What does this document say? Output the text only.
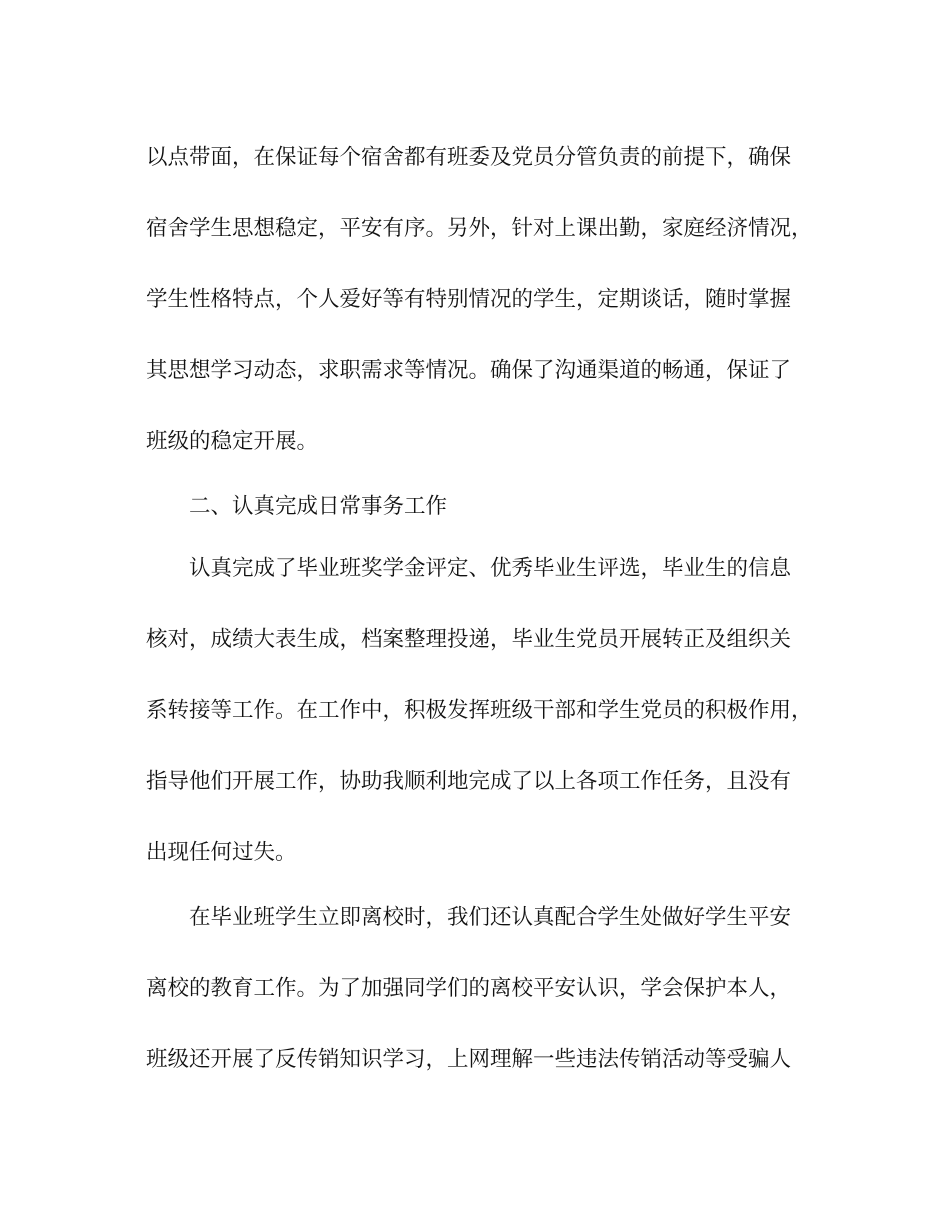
以点带面，在保证每个宿舍都有班委及党员分管负责的前提下，确保
宿舍学生思想稳定，平安有序。另外，针对上课出勤，家庭经济情况，
学生性格特点，个人爱好等有特别情况的学生，定期谈话，随时掌握
其思想学习动态，求职需求等情况。确保了沟通渠道的畅通，保证了
班级的稳定开展。
二、认真完成日常事务工作
认真完成了毕业班奖学金评定、优秀毕业生评选，毕业生的信息
核对，成绩大表生成，档案整理投递，毕业生党员开展转正及组织关
系转接等工作。在工作中，积极发挥班级干部和学生党员的积极作用，
指导他们开展工作，协助我顺利地完成了以上各项工作任务，且没有
出现任何过失。
在毕业班学生立即离校时，我们还认真配合学生处做好学生平安
离校的教育工作。为了加强同学们的离校平安认识，学会保护本人，
班级还开展了反传销知识学习，上网理解一些违法传销活动等受骗人
